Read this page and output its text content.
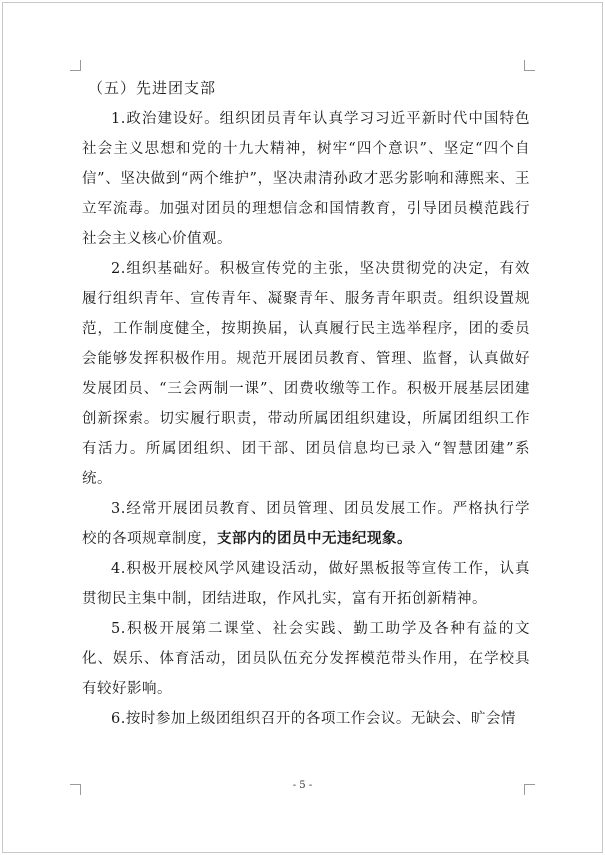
（五）先进团支部

1.政治建设好。组织团员青年认真学习习近平新时代中国特色社会主义思想和党的十九大精神，树牢“四个意识”、坚定“四个自信”、坚决做到“两个维护”，坚决肃清孙政才恶劣影响和薄熙来、王立军流毒。加强对团员的理想信念和国情教育，引导团员模范践行社会主义核心价值观。

2.组织基础好。积极宣传党的主张，坚决贯彻党的决定，有效履行组织青年、宣传青年、凝聚青年、服务青年职责。组织设置规范，工作制度健全，按期换届，认真履行民主选举程序，团的委员会能够发挥积极作用。规范开展团员教育、管理、监督，认真做好发展团员、“三会两制一课”、团费收缴等工作。积极开展基层团建创新探索。切实履行职责，带动所属团组织建设，所属团组织工作有活力。所属团组织、团干部、团员信息均已录入“智慧团建”系统。

3.经常开展团员教育、团员管理、团员发展工作。严格执行学校的各项规章制度，支部内的团员中无违纪现象。

4.积极开展校风学风建设活动，做好黑板报等宣传工作，认真贯彻民主集中制，团结进取，作风扎实，富有开拓创新精神。

5.积极开展第二课堂、社会实践、勤工助学及各种有益的文化、娱乐、体育活动，团员队伍充分发挥模范带头作用，在学校具有较好影响。

6.按时参加上级团组织召开的各项工作会议。无缺会、旷会情

- 5 -
